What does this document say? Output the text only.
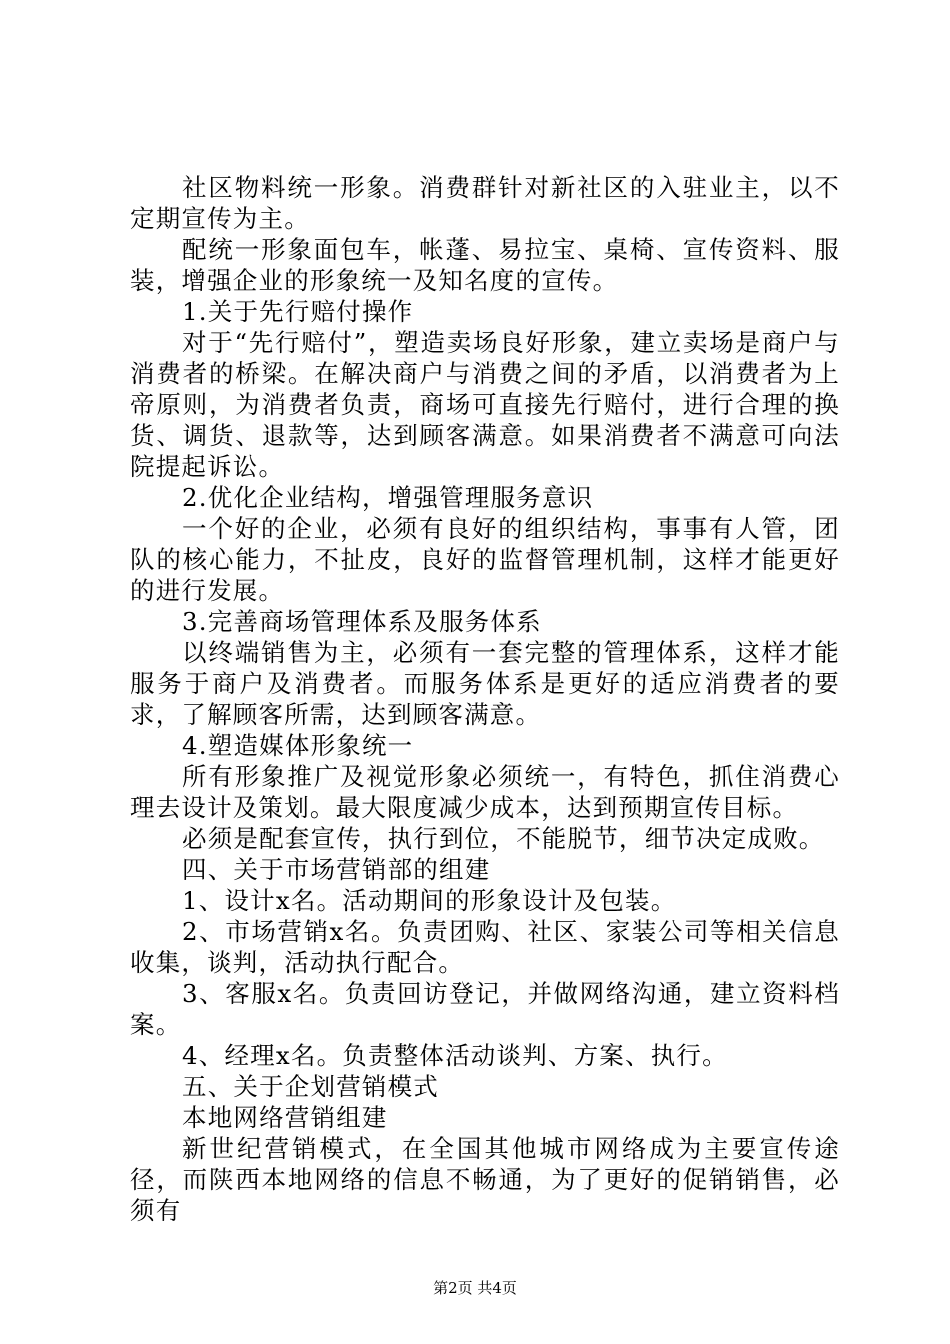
社区物料统一形象。消费群针对新社区的入驻业主，以不定期宣传为主。

配统一形象面包车，帐蓬、易拉宝、桌椅、宣传资料、服装，增强企业的形象统一及知名度的宣传。

1.关于先行赔付操作

对于“先行赔付”，塑造卖场良好形象，建立卖场是商户与消费者的桥梁。在解决商户与消费之间的矛盾，以消费者为上帝原则，为消费者负责，商场可直接先行赔付，进行合理的换货、调货、退款等，达到顾客满意。如果消费者不满意可向法院提起诉讼。

2.优化企业结构，增强管理服务意识

一个好的企业，必须有良好的组织结构，事事有人管，团队的核心能力，不扯皮，良好的监督管理机制，这样才能更好的进行发展。

3.完善商场管理体系及服务体系

以终端销售为主，必须有一套完整的管理体系，这样才能服务于商户及消费者。而服务体系是更好的适应消费者的要求，了解顾客所需，达到顾客满意。

4.塑造媒体形象统一

所有形象推广及视觉形象必须统一，有特色，抓住消费心理去设计及策划。最大限度减少成本，达到预期宣传目标。

必须是配套宣传，执行到位，不能脱节，细节决定成败。

四、关于市场营销部的组建

1、设计x名。活动期间的形象设计及包装。

2、市场营销x名。负责团购、社区、家装公司等相关信息收集，谈判，活动执行配合。

3、客服x名。负责回访登记，并做网络沟通，建立资料档案。

4、经理x名。负责整体活动谈判、方案、执行。

五、关于企划营销模式

本地网络营销组建

新世纪营销模式，在全国其他城市网络成为主要宣传途径，而陕西本地网络的信息不畅通，为了更好的促销销售，必须有

第2页 共4页
